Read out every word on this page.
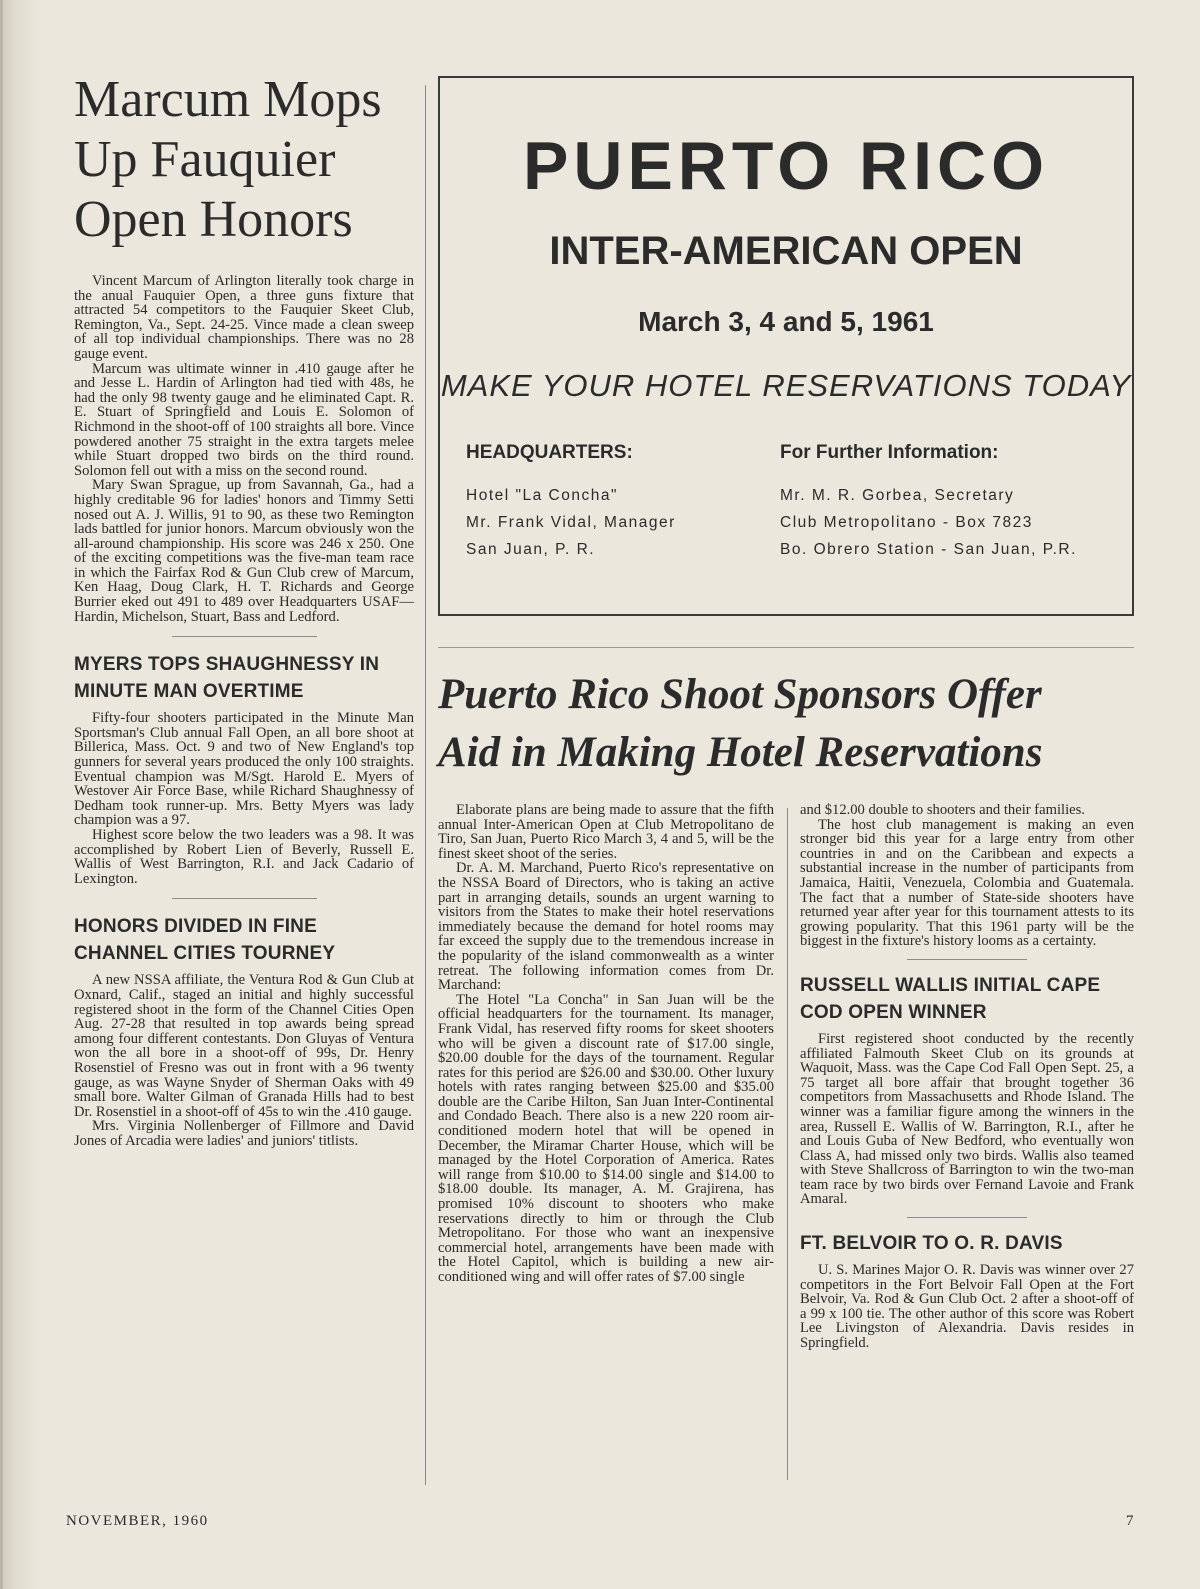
Marcum Mops Up Fauquier Open Honors

Vincent Marcum of Arlington literally took charge in the anual Fauquier Open, a three guns fixture that attracted 54 competitors to the Fauquier Skeet Club, Remington, Va., Sept. 24-25. Vince made a clean sweep of all top individual championships. There was no 28 gauge event.

Marcum was ultimate winner in .410 gauge after he and Jesse L. Hardin of Arlington had tied with 48s, he had the only 98 twenty gauge and he eliminated Capt. R. E. Stuart of Springfield and Louis E. Solomon of Richmond in the shoot-off of 100 straights all bore. Vince powdered another 75 straight in the extra targets melee while Stuart dropped two birds on the third round. Solomon fell out with a miss on the second round.

Mary Swan Sprague, up from Savannah, Ga., had a highly creditable 96 for ladies' honors and Timmy Setti nosed out A. J. Willis, 91 to 90, as these two Remington lads battled for junior honors. Marcum obviously won the all-around championship. His score was 246 x 250. One of the exciting competitions was the five-man team race in which the Fairfax Rod & Gun Club crew of Marcum, Ken Haag, Doug Clark, H. T. Richards and George Burrier eked out 491 to 489 over Headquarters USAF—Hardin, Michelson, Stuart, Bass and Ledford.

MYERS TOPS SHAUGHNESSY IN MINUTE MAN OVERTIME

Fifty-four shooters participated in the Minute Man Sportsman's Club annual Fall Open, an all bore shoot at Billerica, Mass. Oct. 9 and two of New England's top gunners for several years produced the only 100 straights. Eventual champion was M/Sgt. Harold E. Myers of Westover Air Force Base, while Richard Shaughnessy of Dedham took runner-up. Mrs. Betty Myers was lady champion was a 97.

Highest score below the two leaders was a 98. It was accomplished by Robert Lien of Beverly, Russell E. Wallis of West Barrington, R.I. and Jack Cadario of Lexington.

HONORS DIVIDED IN FINE CHANNEL CITIES TOURNEY

A new NSSA affiliate, the Ventura Rod & Gun Club at Oxnard, Calif., staged an initial and highly successful registered shoot in the form of the Channel Cities Open Aug. 27-28 that resulted in top awards being spread among four different contestants. Don Gluyas of Ventura won the all bore in a shoot-off of 99s, Dr. Henry Rosenstiel of Fresno was out in front with a 96 twenty gauge, as was Wayne Snyder of Sherman Oaks with 49 small bore. Walter Gilman of Granada Hills had to best Dr. Rosenstiel in a shoot-off of 45s to win the .410 gauge.

Mrs. Virginia Nollenberger of Fillmore and David Jones of Arcadia were ladies' and juniors' titlists.

PUERTO RICO
INTER-AMERICAN OPEN
March 3, 4 and 5, 1961
MAKE YOUR HOTEL RESERVATIONS TODAY
HEADQUARTERS:	For Further Information:
Hotel "La Concha"
Mr. Frank Vidal, Manager
San Juan, P. R.
Mr. M. R. Gorbea, Secretary
Club Metropolitano - Box 7823
Bo. Obrero Station - San Juan, P.R.
Puerto Rico Shoot Sponsors Offer
Aid in Making Hotel Reservations

Elaborate plans are being made to assure that the fifth annual Inter-American Open at Club Metropolitano de Tiro, San Juan, Puerto Rico March 3, 4 and 5, will be the finest skeet shoot of the series.

Dr. A. M. Marchand, Puerto Rico's representative on the NSSA Board of Directors, who is taking an active part in arranging details, sounds an urgent warning to visitors from the States to make their hotel reservations immediately because the demand for hotel rooms may far exceed the supply due to the tremendous increase in the popularity of the island commonwealth as a winter retreat. The following information comes from Dr. Marchand:

The Hotel "La Concha" in San Juan will be the official headquarters for the tournament. Its manager, Frank Vidal, has reserved fifty rooms for skeet shooters who will be given a discount rate of $17.00 single, $20.00 double for the days of the tournament. Regular rates for this period are $26.00 and $30.00. Other luxury hotels with rates ranging between $25.00 and $35.00 double are the Caribe Hilton, San Juan Inter-Continental and Condado Beach. There also is a new 220 room air-conditioned modern hotel that will be opened in December, the Miramar Charter House, which will be managed by the Hotel Corporation of America. Rates will range from $10.00 to $14.00 single and $14.00 to $18.00 double. Its manager, A. M. Grajirena, has promised 10% discount to shooters who make reservations directly to him or through the Club Metropolitano. For those who want an inexpensive commercial hotel, arrangements have been made with the Hotel Capitol, which is building a new air-conditioned wing and will offer rates of $7.00 single

and $12.00 double to shooters and their families.

The host club management is making an even stronger bid this year for a large entry from other countries in and on the Caribbean and expects a substantial increase in the number of participants from Jamaica, Haitii, Venezuela, Colombia and Guatemala. The fact that a number of State-side shooters have returned year after year for this tournament attests to its growing popularity. That this 1961 party will be the biggest in the fixture's history looms as a certainty.

RUSSELL WALLIS INITIAL CAPE COD OPEN WINNER

First registered shoot conducted by the recently affiliated Falmouth Skeet Club on its grounds at Waquoit, Mass. was the Cape Cod Fall Open Sept. 25, a 75 target all bore affair that brought together 36 competitors from Massachusetts and Rhode Island. The winner was a familiar figure among the winners in the area, Russell E. Wallis of W. Barrington, R.I., after he and Louis Guba of New Bedford, who eventually won Class A, had missed only two birds. Wallis also teamed with Steve Shallcross of Barrington to win the two-man team race by two birds over Fernand Lavoie and Frank Amaral.

FT. BELVOIR TO O. R. DAVIS

U. S. Marines Major O. R. Davis was winner over 27 competitors in the Fort Belvoir Fall Open at the Fort Belvoir, Va. Rod & Gun Club Oct. 2 after a shoot-off of a 99 x 100 tie. The other author of this score was Robert Lee Livingston of Alexandria. Davis resides in Springfield.

NOVEMBER, 1960	7
